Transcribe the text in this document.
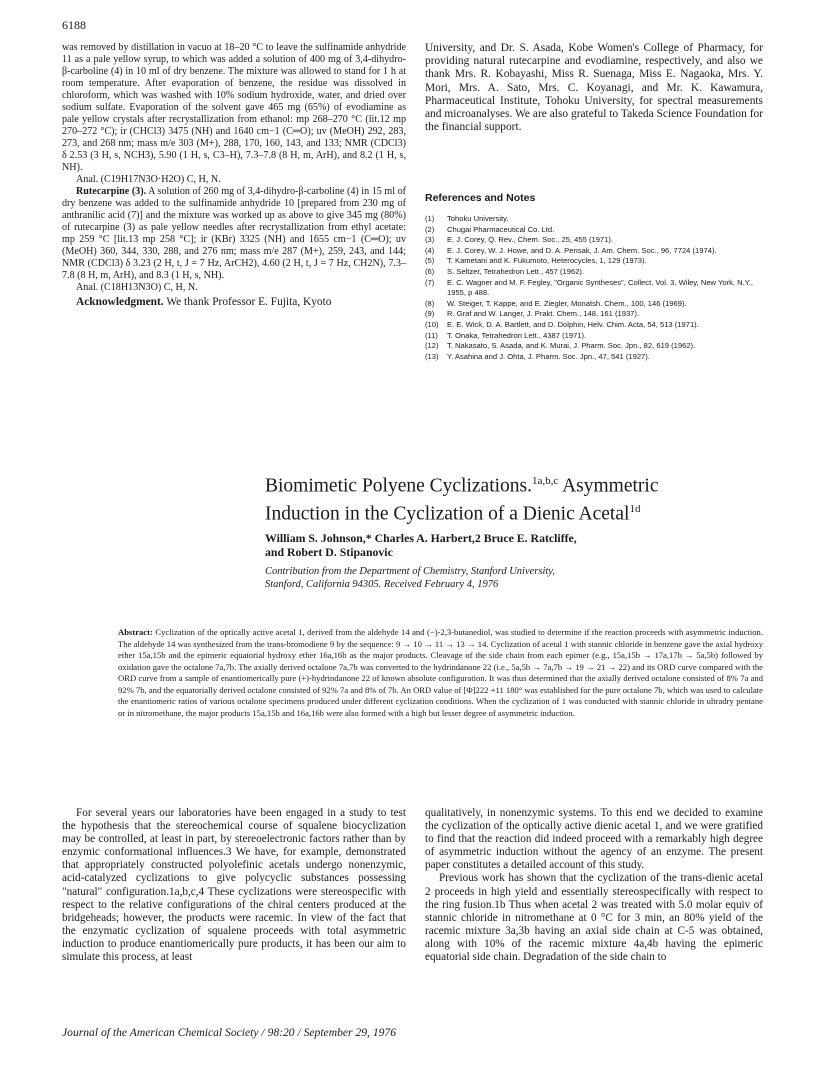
6188

was removed by distillation in vacuo at 18–20 °C to leave the sulfinamide anhydride 11 as a pale yellow syrup, to which was added a solution of 400 mg of 3,4-dihydro-β-carboline (4) in 10 ml of dry benzene. The mixture was allowed to stand for 1 h at room temperature. After evaporation of benzene, the residue was dissolved in chloroform, which was washed with 10% sodium hydroxide, water, and dried over sodium sulfate. Evaporation of the solvent gave 465 mg (65%) of evodiamine as pale yellow crystals after recrystallization from ethanol: mp 268–270 °C (lit.12 mp 270–272 °C); ir (CHCl3) 3475 (NH) and 1640 cm−1 (C═O); uv (MeOH) 292, 283, 273, and 268 nm; mass m/e 303 (M+), 288, 170, 160, 143, and 133; NMR (CDCl3) δ 2.53 (3 H, s, NCH3), 5.90 (1 H, s, C3–H), 7.3–7.8 (8 H, m, ArH), and 8.2 (1 H, s, NH).

Anal. (C19H17N3O·H2O) C, H, N.

Rutecarpine (3). A solution of 260 mg of 3,4-dihydro-β-carboline (4) in 15 ml of dry benzene was added to the sulfinamide anhydride 10 [prepared from 230 mg of anthranilic acid (7)] and the mixture was worked up as above to give 345 mg (80%) of rutecarpine (3) as pale yellow needles after recrystallization from ethyl acetate: mp 259 °C [lit.13 mp 258 °C]; ir (KBr) 3325 (NH) and 1655 cm−1 (C═O); uv (MeOH) 360, 344, 330, 288, and 276 nm; mass m/e 287 (M+), 259, 243, and 144; NMR (CDCl3) δ 3.23 (2 H, t, J = 7 Hz, ArCH2), 4.60 (2 H, t, J = 7 Hz, CH2N), 7.3–7.8 (8 H, m, ArH), and 8.3 (1 H, s, NH).

Anal. (C18H13N3O) C, H, N.

Acknowledgment. We thank Professor E. Fujita, Kyoto

University, and Dr. S. Asada, Kobe Women's College of Pharmacy, for providing natural rutecarpine and evodiamine, respectively, and also we thank Mrs. R. Kobayashi, Miss R. Suenaga, Miss E. Nagaoka, Mrs. Y. Mori, Mrs. A. Sato, Mrs. C. Koyanagi, and Mr. K. Kawamura, Pharmaceutical Institute, Tohoku University, for spectral measurements and microanalyses. We are also grateful to Takeda Science Foundation for the financial support.
References and Notes
(1)	Tohoku University.
(2)	Chugai Pharmaceutical Co. Ltd.
(3)	E. J. Corey, Q. Rev., Chem. Soc., 25, 455 (1971).
(4)	E. J. Corey, W. J. Howe, and D. A. Pensak, J. Am. Chem. Soc., 96, 7724 (1974).
(5)	T. Kametani and K. Fukumoto, Heterocycles, 1, 129 (1973).
(6)	S. Seltzer, Tetrahedron Lett., 457 (1962).
(7)	E. C. Wagner and M. F. Fegley, "Organic Syntheses", Collect. Vol. 3, Wiley, New York, N.Y., 1955, p 488.
(8)	W. Steiger, T. Kappe, and E. Ziegler, Monatsh. Chem., 100, 146 (1969).
(9)	R. Graf and W. Langer, J. Prakt. Chem., 148, 161 (1937).
(10)	E. E. Wick, D. A. Bartlett, and D. Dolphin, Helv. Chim. Acta, 54, 513 (1971).
(11)	T. Onaka, Tetrahedron Lett., 4387 (1971).
(12)	T. Nakasato, S. Asada, and K. Murai, J. Pharm. Soc. Jpn., 82, 619 (1962).
(13)	Y. Asahina and J. Ohta, J. Pharm. Soc. Jpn., 47, 541 (1927).
Biomimetic Polyene Cyclizations.$^{1a,b,c}$ Asymmetric
Induction in the Cyclization of a Dienic Acetal$^{1d}$
William S. Johnson,* Charles A. Harbert,2 Bruce E. Ratcliffe,
and Robert D. Stipanovic
Contribution from the Department of Chemistry, Stanford University,
Stanford, California 94305. Received February 4, 1976
Abstract: Cyclization of the optically active acetal 1, derived from the aldehyde 14 and (−)-2,3-butanediol, was studied to determine if the reaction proceeds with asymmetric induction. The aldehyde 14 was synthesized from the trans-bromodiene 9 by the sequence: 9 → 10 → 11 → 13 → 14. Cyclization of acetal 1 with stannic chloride in benzene gave the axial hydroxy ether 15a,15b and the epimeric equatorial hydroxy ether 16a,16b as the major products. Cleavage of the side chain from each epimer (e.g., 15a,15b → 17a,17b → 5a,5b) followed by oxidation gave the octalone 7a,7b. The axially derived octalone 7a,7b was converted to the hydrindanone 22 (i.e., 5a,5b → 7a,7b → 19 → 21 → 22) and its ORD curve compared with the ORD curve from a sample of enantiomerically pure (+)-hydrindanone 22 of known absolute configuration. It was thus determined that the axially derived octalone consisted of 8% 7a and 92% 7b, and the equatorially derived octalone consisted of 92% 7a and 8% of 7b. An ORD value of [Φ]222 +11 180° was established for the pure octalone 7b, which was used to calculate the enantiomeric ratios of various octalone specimens produced under different cyclization conditions. When the cyclization of 1 was conducted with stannic chloride in ultradry pentane or in nitromethane, the major products 15a,15b and 16a,16b were also formed with a high but lesser degree of asymmetric induction.

For several years our laboratories have been engaged in a study to test the hypothesis that the stereochemical course of squalene biocyclization may be controlled, at least in part, by stereoelectronic factors rather than by enzymic conformational influences.3 We have, for example, demonstrated that appropriately constructed polyolefinic acetals undergo nonenzymic, acid-catalyzed cyclizations to give polycyclic substances possessing "natural" configuration.1a,b,c,4 These cyclizations were stereospecific with respect to the relative configurations of the chiral centers produced at the bridgeheads; however, the products were racemic. In view of the fact that the enzymatic cyclization of squalene proceeds with total asymmetric induction to produce enantiomerically pure products, it has been our aim to simulate this process, at least

qualitatively, in nonenzymic systems. To this end we decided to examine the cyclization of the optically active dienic acetal 1, and we were gratified to find that the reaction did indeed proceed with a remarkably high degree of asymmetric induction without the agency of an enzyme. The present paper constitutes a detailed account of this study.

Previous work has shown that the cyclization of the trans-dienic acetal 2 proceeds in high yield and essentially stereospecifically with respect to the ring fusion.1b Thus when acetal 2 was treated with 5.0 molar equiv of stannic chloride in nitromethane at 0 °C for 3 min, an 80% yield of the racemic mixture 3a,3b having an axial side chain at C-5 was obtained, along with 10% of the racemic mixture 4a,4b having the epimeric equatorial side chain. Degradation of the side chain to

Journal of the American Chemical Society / 98:20 / September 29, 1976
